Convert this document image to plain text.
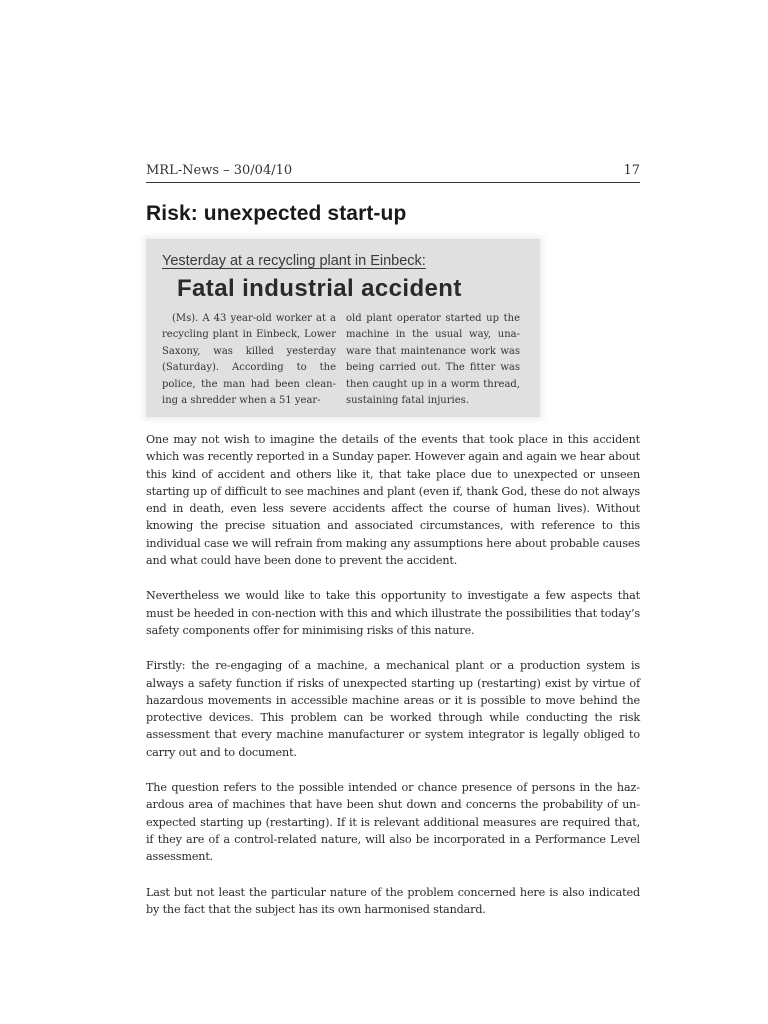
MRL-News – 30/04/10	17
Risk: unexpected start-up
Yesterday at a recycling plant in Einbeck:
Fatal industrial accident
(Ms). A 43 year-old worker at a recycling plant in Einbeck, Lower Saxony, was killed yesterday (Saturday). According to the police, the man had been cleaning a shredder when a 51 year-
old plant operator started up the machine in the usual way, unaware that maintenance work was being carried out. The fitter was then caught up in a worm thread, sustaining fatal injuries.

One may not wish to imagine the details of the events that took place in this accident which was recently reported in a Sunday paper. However again and again we hear about this kind of accident and others like it, that take place due to unexpected or unseen starting up of difficult to see machines and plant (even if, thank God, these do not always end in death, even less severe accidents affect the course of human lives). Without knowing the precise situation and associated circumstances, with reference to this individual case we will refrain from making any assumptions here about probable causes and what could have been done to prevent the accident.

Nevertheless we would like to take this opportunity to investigate a few aspects that must be heeded in con-nection with this and which illustrate the possibilities that today’s safety components offer for minimising risks of this nature.

Firstly: the re-engaging of a machine, a mechanical plant or a production system is always a safety function if risks of unexpected starting up (restarting) exist by virtue of hazardous movements in accessible machine areas or it is possible to move behind the protective devices. This problem can be worked through while conducting the risk assessment that every machine manufacturer or system integrator is legally obliged to carry out and to document.

The question refers to the possible intended or chance presence of persons in the hazardous area of machines that have been shut down and concerns the probability of unexpected starting up (restarting). If it is relevant additional measures are required that, if they are of a control-related nature, will also be incorporated in a Performance Level assessment.

Last but not least the particular nature of the problem concerned here is also indicated by the fact that the subject has its own harmonised standard.
